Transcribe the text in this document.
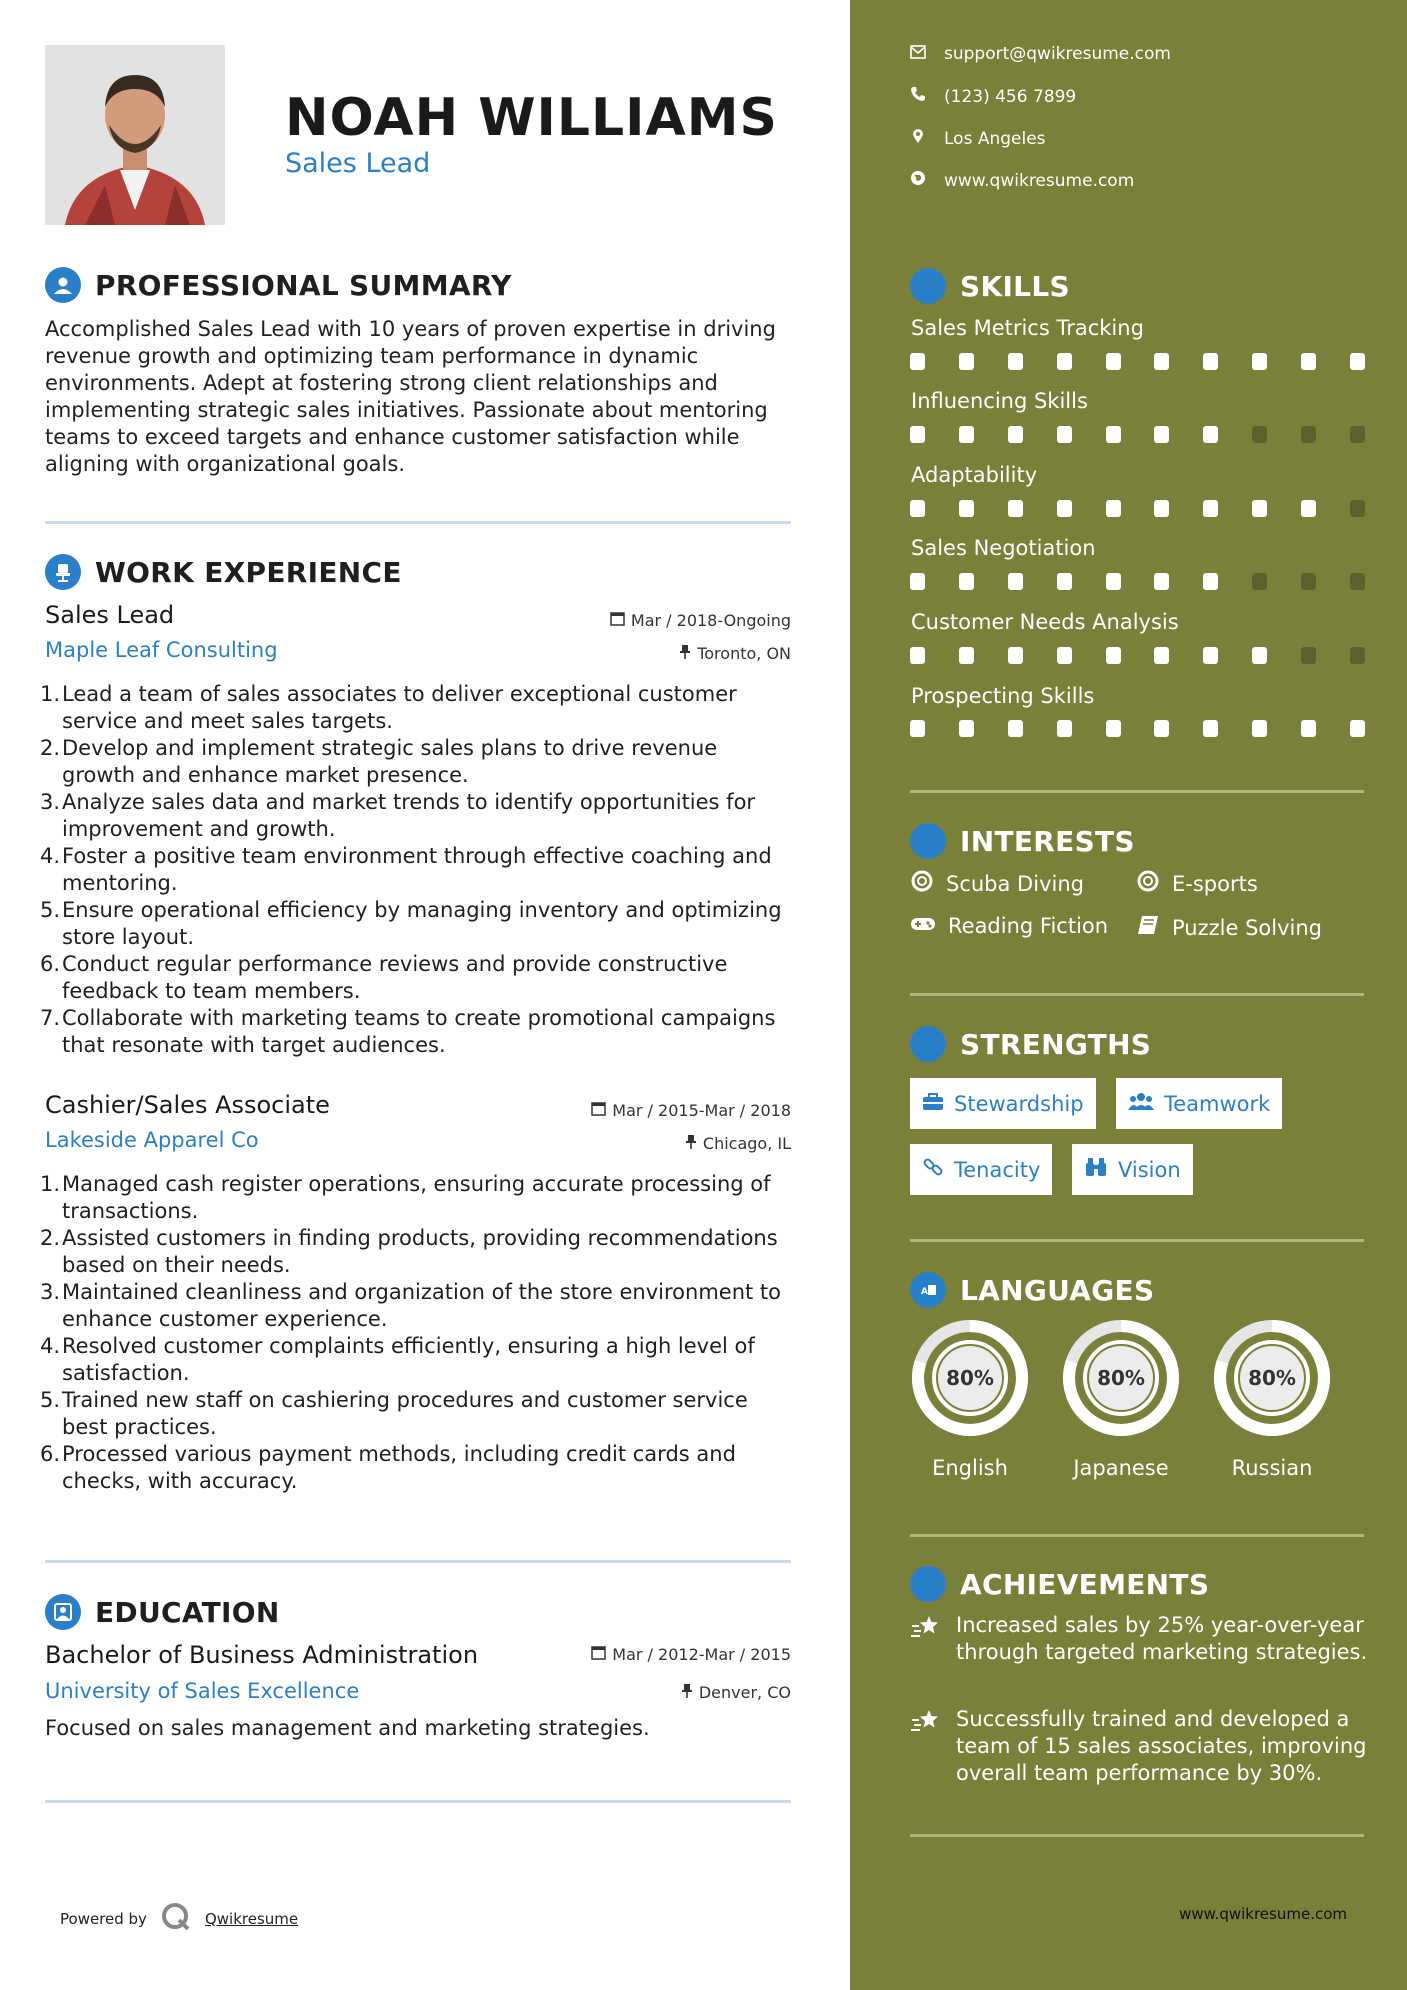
NOAH WILLIAMS
Sales Lead
PROFESSIONAL SUMMARY
Accomplished Sales Lead with 10 years of proven expertise in driving revenue growth and optimizing team performance in dynamic environments. Adept at fostering strong client relationships and implementing strategic sales initiatives. Passionate about mentoring teams to exceed targets and enhance customer satisfaction while aligning with organizational goals.
WORK EXPERIENCE
Sales Lead	Mar / 2018-Ongoing
Maple Leaf Consulting	Toronto, ON
1. Lead a team of sales associates to deliver exceptional customer service and meet sales targets.
2. Develop and implement strategic sales plans to drive revenue growth and enhance market presence.
3. Analyze sales data and market trends to identify opportunities for improvement and growth.
4. Foster a positive team environment through effective coaching and mentoring.
5. Ensure operational efficiency by managing inventory and optimizing store layout.
6. Conduct regular performance reviews and provide constructive feedback to team members.
7. Collaborate with marketing teams to create promotional campaigns that resonate with target audiences.
Cashier/Sales Associate	Mar / 2015-Mar / 2018
Lakeside Apparel Co	Chicago, IL
1. Managed cash register operations, ensuring accurate processing of transactions.
2. Assisted customers in finding products, providing recommendations based on their needs.
3. Maintained cleanliness and organization of the store environment to enhance customer experience.
4. Resolved customer complaints efficiently, ensuring a high level of satisfaction.
5. Trained new staff on cashiering procedures and customer service best practices.
6. Processed various payment methods, including credit cards and checks, with accuracy.
EDUCATION
Bachelor of Business Administration	Mar / 2012-Mar / 2015
University of Sales Excellence	Denver, CO
Focused on sales management and marketing strategies.
Powered by	Qwikresume
support@qwikresume.com
(123) 456 7899
Los Angeles
www.qwikresume.com
SKILLS
Sales Metrics Tracking
Influencing Skills
Adaptability
Sales Negotiation
Customer Needs Analysis
Prospecting Skills
INTERESTS
Scuba Diving	E-sports
Reading Fiction	Puzzle Solving
STRENGTHS
Stewardship	Teamwork
Tenacity	Vision
A LANGUAGES
80%
English
80%
Japanese
80%
Russian
ACHIEVEMENTS
Increased sales by 25% year-over-year through targeted marketing strategies.
Successfully trained and developed a team of 15 sales associates, improving overall team performance by 30%.
www.qwikresume.com
